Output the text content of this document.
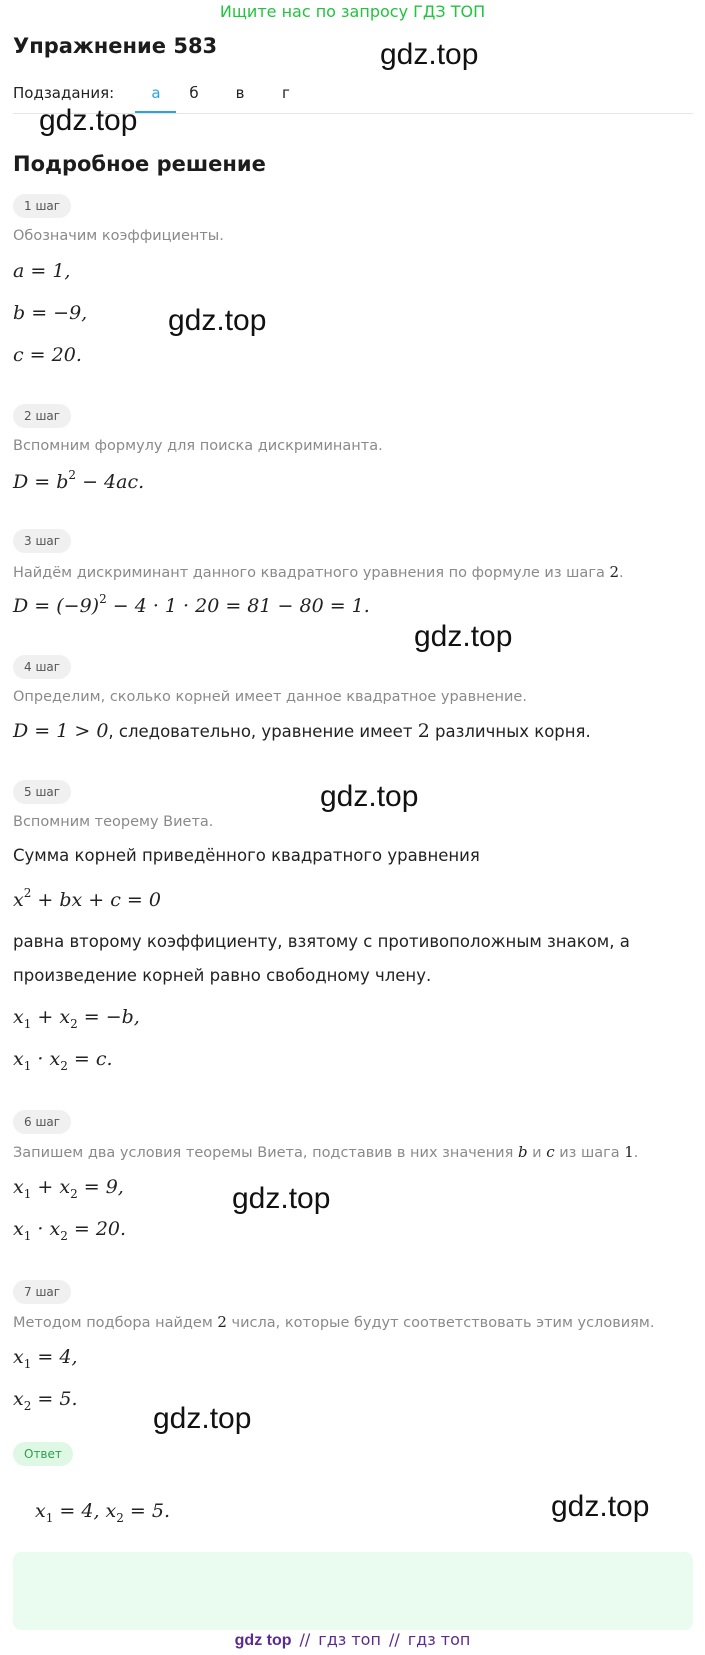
Ищите нас по запросу ГДЗ ТОП
Упражнение 583	gdz.top
Подзадания:	а	б	в	г
gdz.top
Подробное решение
1 шаг
Обозначим коэффициенты.
a = 1,
b = −9,
c = 20.
gdz.top
2 шаг
Вспомним формулу для поиска дискриминанта.
$D = b^2 - 4ac$.
3 шаг
Найдём дискриминант данного квадратного уравнения по формуле из шага 2.
$D = (-9)^2 - 4 \cdot 1 \cdot 20 = 81 - 80 = 1$.
gdz.top
4 шаг
Определим, сколько корней имеет данное квадратное уравнение.
D = 1 > 0, следовательно, уравнение имеет 2 различных корня.
5 шаг	gdz.top
Вспомним теорему Виета.
Сумма корней приведённого квадратного уравнения
$x^2$ + bx + c = 0
равна второму коэффициенту, взятому с противоположным знаком, а
произведение корней равно свободному члену.
$x_1 + x_2 = -b$,
$x_1 \cdot x_2 = c$.
6 шаг
Запишем два условия теоремы Виета, подставив в них значения b и c из шага 1.
$x_1 + x_2 = 9$,
$x_1 \cdot x_2 = 20$.
gdz.top
7 шаг
Методом подбора найдем 2 числа, которые будут соответствовать этим условиям.
$x_1 = 4$,
$x_2 = 5$.
gdz.top
Ответ
$x_1 = 4$, $x_2 = 5$.	gdz.top
gdz top // гдз топ // гдз топ
